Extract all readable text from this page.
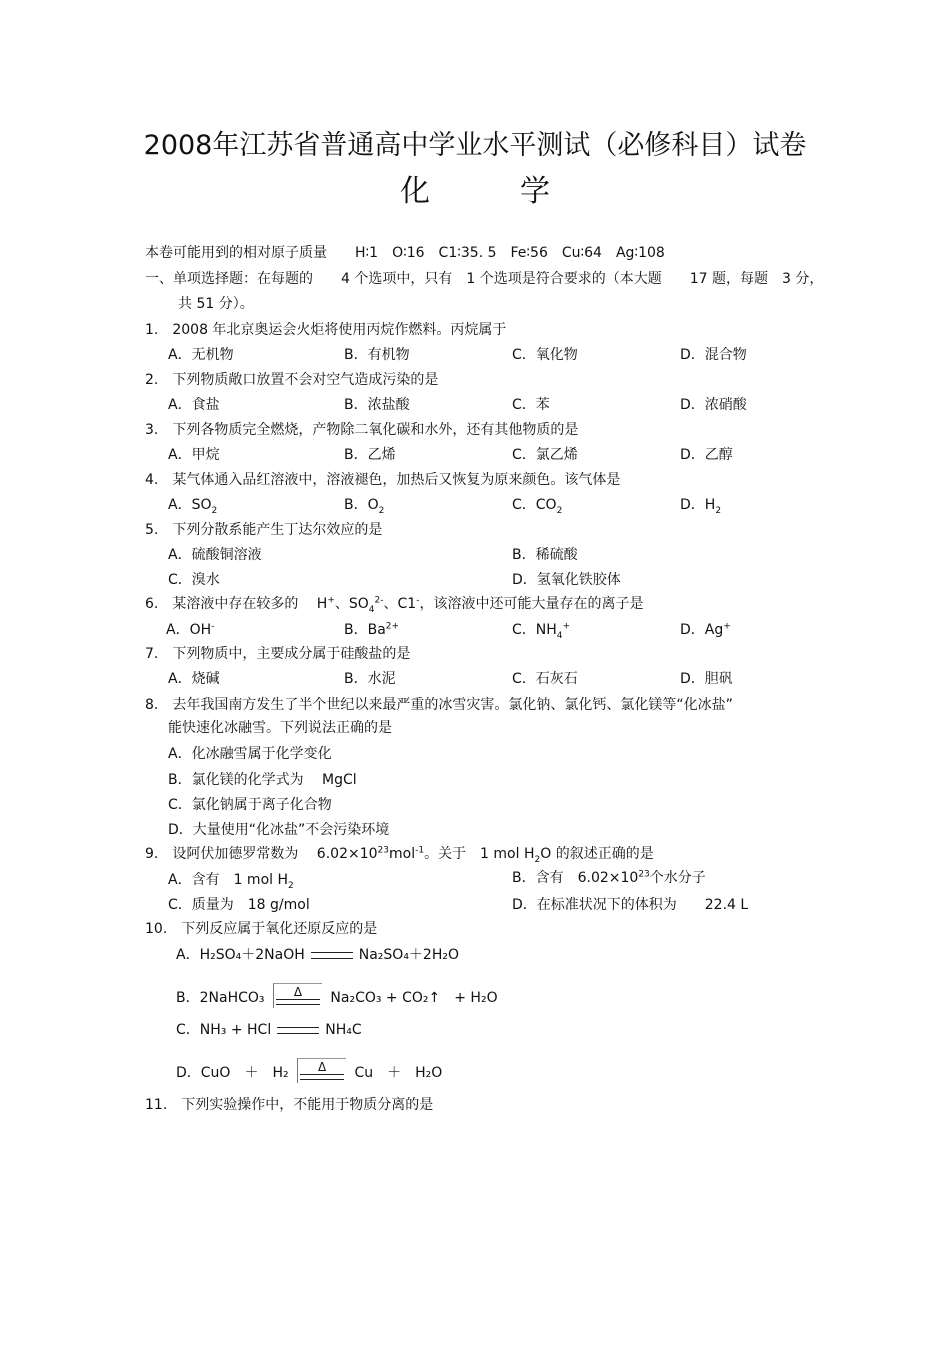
2008年江苏省普通高中学业水平测试（必修科目）试卷
化　　　学
本卷可能用到的相对原子质量　　H∶1　O∶16　C1∶35. 5　Fe∶56　Cu∶64　Ag∶108
一、单项选择题：在每题的　　4 个选项中，只有　1 个选项是符合要求的（本大题　　17 题，每题　3 分，
共 51 分）。
1.　2008 年北京奥运会火炬将使用丙烷作燃料。丙烷属于
A．无机物	B．有机物	C．氧化物	D．混合物
2.　下列物质敞口放置不会对空气造成污染的是
A．食盐	B．浓盐酸	C．苯	D．浓硝酸
3.　下列各物质完全燃烧，产物除二氧化碳和水外，还有其他物质的是
A．甲烷	B．乙烯	C．氯乙烯	D．乙醇
4.　某气体通入品红溶液中，溶液褪色，加热后又恢复为原来颜色。该气体是
A．$SO_2$	B．$O_2$	C．$CO_2$	D．$H_2$
5.　下列分散系能产生丁达尔效应的是
A．硫酸铜溶液	B．稀硫酸
C．溴水	D．氢氧化铁胶体
6.　某溶液中存在较多的　 H+、$SO_4^{2-}$、C1-，该溶液中还可能大量存在的离子是
A．OH-	B．$Ba^{2+}$	C．$NH_4^+$	D．Ag+
7.　下列物质中，主要成分属于硅酸盐的是
A．烧碱	B．水泥	C．石灰石	D．胆矾
8.　去年我国南方发生了半个世纪以来最严重的冰雪灾害。氯化钠、氯化钙、氯化镁等“化冰盐”
能快速化冰融雪。下列说法正确的是
A．化冰融雪属于化学变化
B．氯化镁的化学式为　 MgCl
C．氯化钠属于离子化合物
D．大量使用“化冰盐”不会污染环境
9.　设阿伏加德罗常数为　 $6.02\times 10^{23}mol^{-1}$。关于　1 mol $H_2O$ 的叙述正确的是
A．含有　1 mol $H_2$	B．含有　$6.02\times 10^{23}$个水分子
C．质量为　18 g/mol	D．在标准状况下的体积为　　22.4 L
10.　下列反应属于氧化还原反应的是
A．H₂SO₄＋2NaOH	Na₂SO₄＋2H₂O
B．2NaHCO₃	Δ	Na₂CO₃ + CO₂↑　+ H₂O
C．NH₃ + HCl	NH₄C
D．CuO　＋　H₂	Δ	Cu　＋　H₂O
11.　下列实验操作中，不能用于物质分离的是
